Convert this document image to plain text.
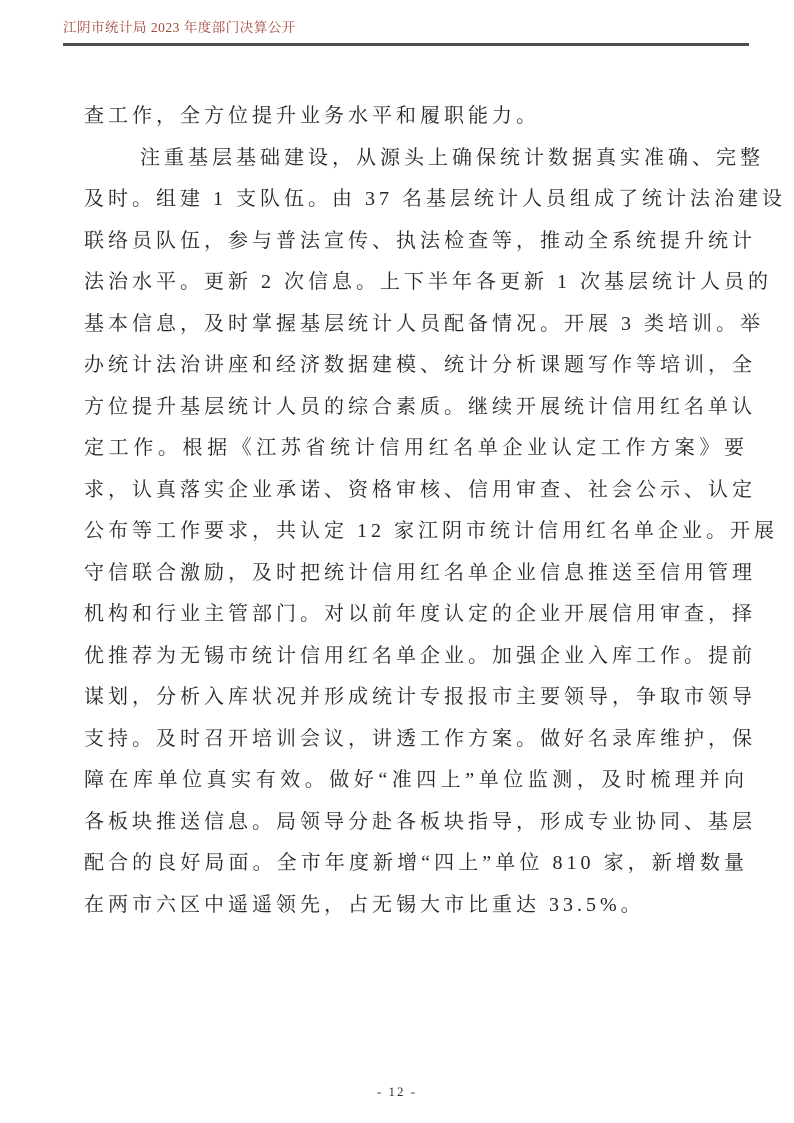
江阴市统计局 2023 年度部门决算公开
查工作，全方位提升业务水平和履职能力。
注重基层基础建设，从源头上确保统计数据真实准确、完整
及时。组建 1 支队伍。由 37 名基层统计人员组成了统计法治建设
联络员队伍，参与普法宣传、执法检查等，推动全系统提升统计
法治水平。更新 2 次信息。上下半年各更新 1 次基层统计人员的
基本信息，及时掌握基层统计人员配备情况。开展 3 类培训。举
办统计法治讲座和经济数据建模、统计分析课题写作等培训，全
方位提升基层统计人员的综合素质。继续开展统计信用红名单认
定工作。根据《江苏省统计信用红名单企业认定工作方案》要
求，认真落实企业承诺、资格审核、信用审查、社会公示、认定
公布等工作要求，共认定 12 家江阴市统计信用红名单企业。开展
守信联合激励，及时把统计信用红名单企业信息推送至信用管理
机构和行业主管部门。对以前年度认定的企业开展信用审查，择
优推荐为无锡市统计信用红名单企业。加强企业入库工作。提前
谋划，分析入库状况并形成统计专报报市主要领导，争取市领导
支持。及时召开培训会议，讲透工作方案。做好名录库维护，保
障在库单位真实有效。做好“准四上”单位监测，及时梳理并向
各板块推送信息。局领导分赴各板块指导，形成专业协同、基层
配合的良好局面。全市年度新增“四上”单位 810 家，新增数量
在两市六区中遥遥领先，占无锡大市比重达 33.5%。
- 12 -
